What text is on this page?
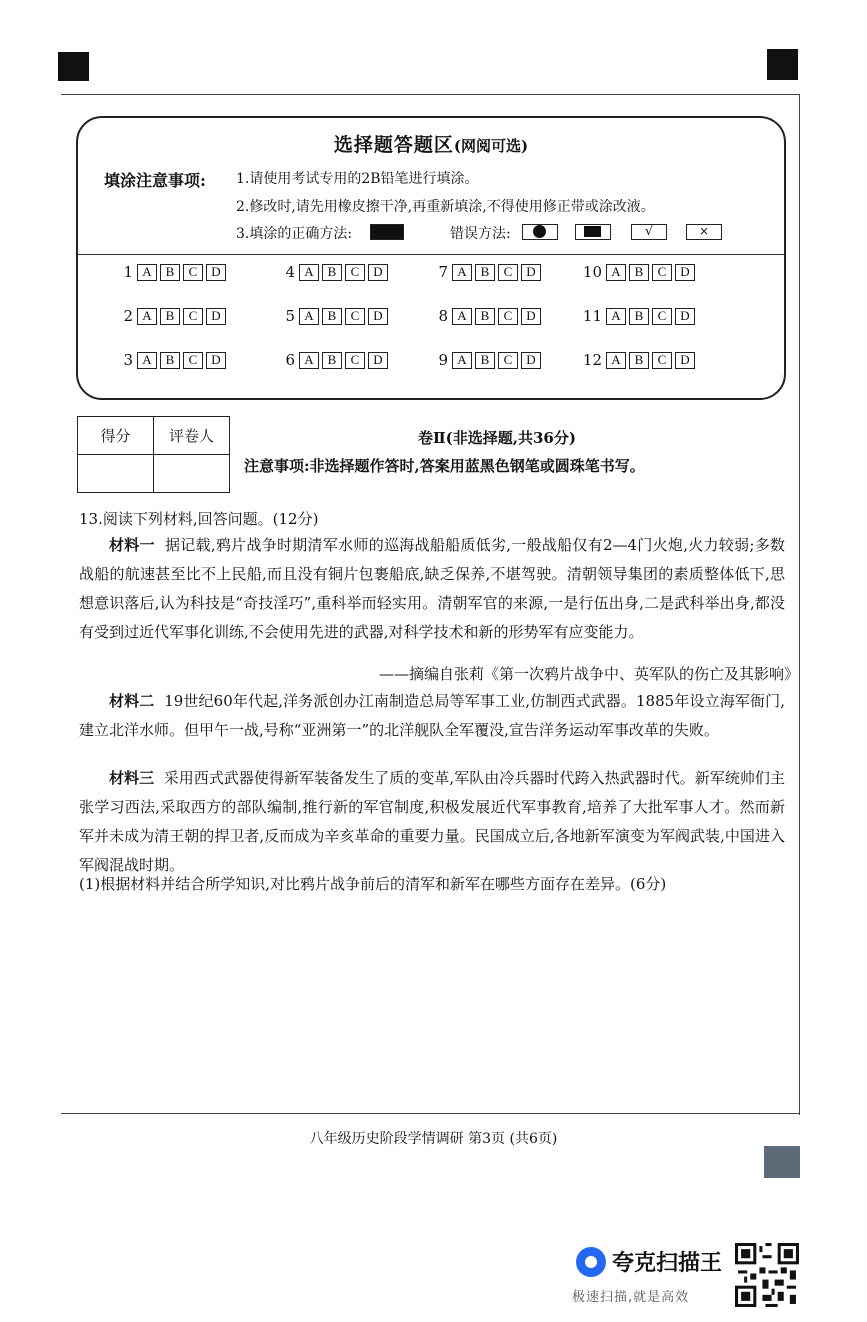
选择题答题区(网阅可选)
填涂注意事项: 1.请使用考试专用的2B铅笔进行填涂。
2.修改时,请先用橡皮擦干净,再重新填涂,不得使用修正带或涂改液。
3.填涂的正确方法:	错误方法:	√	×
1 A	B	C	D
2 A	B	C	D
3 A	B	C	D
4 A	B	C	D
5 A	B	C	D
6 A	B	C	D
7 A	B	C	D
8 A	B	C	D
9 A	B	C	D
10 A	B	C	D
11 A	B	C	D
12 A	B	C	D
得分	评卷人
		卷Ⅱ(非选择题,共36分)
注意事项:非选择题作答时,答案用蓝黑色钢笔或圆珠笔书写。
13.阅读下列材料,回答问题。(12分)
材料一 据记载,鸦片战争时期清军水师的巡海战船船质低劣,一般战船仅有2—4门火炮,火力较弱;多数战船的航速甚至比不上民船,而且没有铜片包裹船底,缺乏保养,不堪驾驶。清朝领导集团的素质整体低下,思想意识落后,认为科技是“奇技淫巧”,重科举而轻实用。清朝军官的来源,一是行伍出身,二是武科举出身,都没有受到过近代军事化训练,不会使用先进的武器,对科学技术和新的形势军有应变能力。
——摘编自张莉《第一次鸦片战争中、英军队的伤亡及其影响》
材料二 19世纪60年代起,洋务派创办江南制造总局等军事工业,仿制西式武器。1885年设立海军衙门,建立北洋水师。但甲午一战,号称“亚洲第一”的北洋舰队全军覆没,宣告洋务运动军事改革的失败。
材料三 采用西式武器使得新军装备发生了质的变革,军队由冷兵器时代跨入热武器时代。新军统帅们主张学习西法,采取西方的部队编制,推行新的军官制度,积极发展近代军事教育,培养了大批军事人才。然而新军并未成为清王朝的捍卫者,反而成为辛亥革命的重要力量。民国成立后,各地新军演变为军阀武装,中国进入军阀混战时期。
(1)根据材料并结合所学知识,对比鸦片战争前后的清军和新军在哪些方面存在差异。(6分)
八年级历史阶段学情调研 第3页 (共6页)
夸克扫描王
极速扫描,就是高效
